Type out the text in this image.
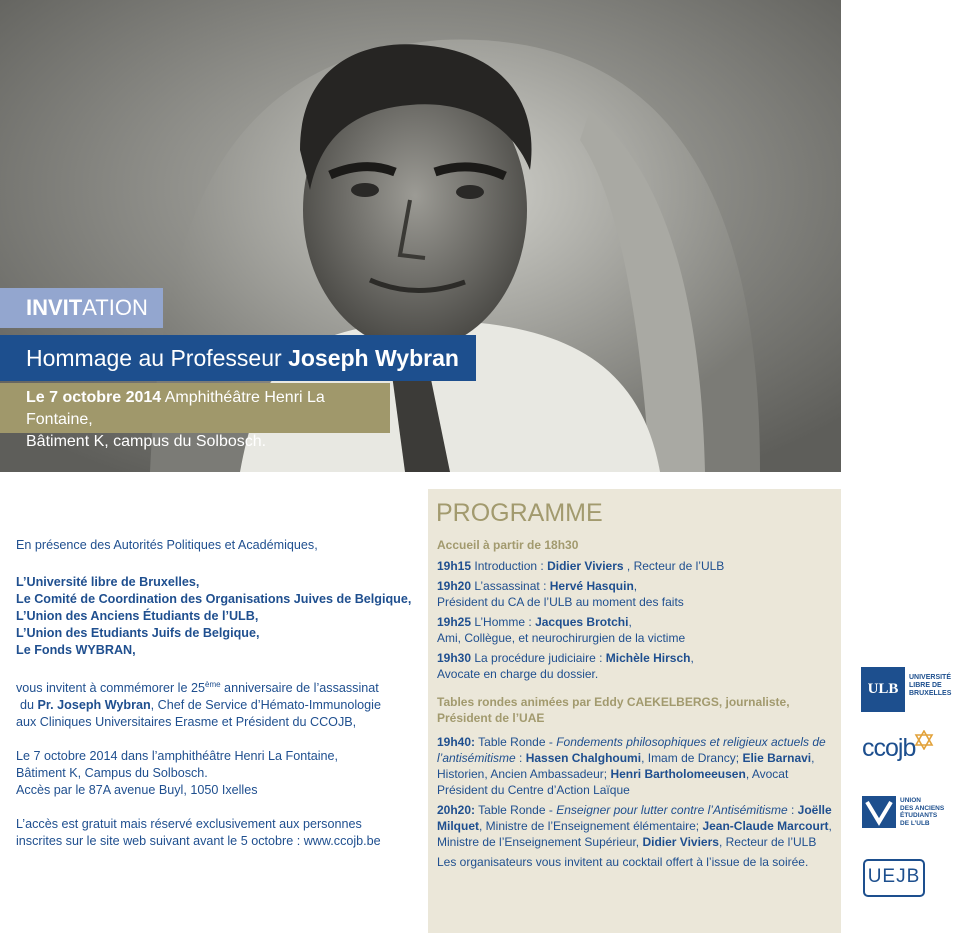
INVITATION
Hommage au Professeur Joseph Wybran
Le 7 octobre 2014 Amphithéâtre Henri La Fontaine,
Bâtiment K, campus du Solbosch.

En présence des Autorités Politiques et Académiques,

L’Université libre de Bruxelles,

Le Comité de Coordination des Organisations Juives de Belgique,

L’Union des Anciens Étudiants de l’ULB,

L’Union des Etudiants Juifs de Belgique,

Le Fonds WYBRAN,

vous invitent à commémorer le 25ème anniversaire de l’assassinat

du Pr. Joseph Wybran, Chef de Service d’Hémato-Immunologie

aux Cliniques Universitaires Erasme et Président du CCOJB,

Le 7 octobre 2014 dans l’amphithéâtre Henri La Fontaine,

Bâtiment K, Campus du Solbosch.

Accès par le 87A avenue Buyl, 1050 Ixelles

L’accès est gratuit mais réservé exclusivement aux personnes

inscrites sur le site web suivant avant le 5 octobre : www.ccojb.be

PROGRAMME
Accueil à partir de 18h30

19h15 Introduction : Didier Viviers , Recteur de l’ULB

19h20 L’assassinat : Hervé Hasquin,
Président du CA de l’ULB au moment des faits

19h25 L’Homme : Jacques Brotchi,
Ami, Collègue, et neurochirurgien de la victime

19h30 La procédure judiciaire : Michèle Hirsch,
Avocate en charge du dossier.

Tables rondes animées par Eddy CAEKELBERGS, journaliste, Président de l’UAE

19h40: Table Ronde - Fondements philosophiques et religieux actuels de l’antisémitisme : Hassen Chalghoumi, Imam de Drancy; Elie Barnavi, Historien, Ancien Ambassadeur; Henri Bartholomeeusen, Avocat Président du Centre d’Action Laïque

20h20: Table Ronde - Enseigner pour lutter contre l’Antisémitisme : Joëlle Milquet, Ministre de l’Enseignement élémentaire; Jean-Claude Marcourt, Ministre de l’Enseignement Supérieur, Didier Viviers, Recteur de l’ULB

Les organisateurs vous invitent au cocktail offert à l’issue de la soirée.

ULB
UNIVERSITÉ
LIBRE DE
BRUXELLES
ccojb
UNION
DES ANCIENS
ÉTUDIANTS
DE L’ULB
UEJB
